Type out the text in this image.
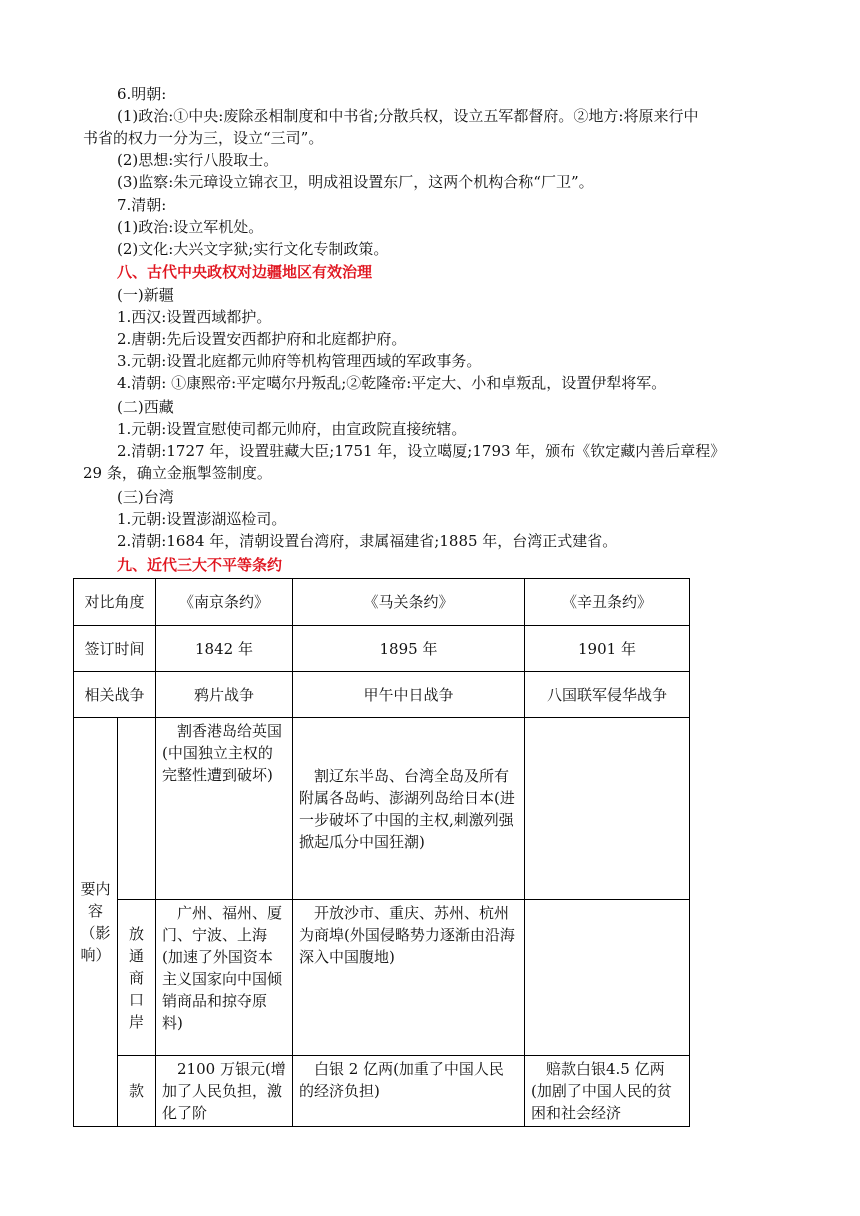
6.明朝:
(1)政治:①中央:废除丞相制度和中书省;分散兵权，设立五军都督府。②地方:将原来行中
书省的权力一分为三，设立“三司”。
(2)思想:实行八股取士。
(3)监察:朱元璋设立锦衣卫，明成祖设置东厂，这两个机构合称“厂卫”。
7.清朝:
(1)政治:设立军机处。
(2)文化:大兴文字狱;实行文化专制政策。
八、古代中央政权对边疆地区有效治理
(一)新疆
1.西汉:设置西域都护。
2.唐朝:先后设置安西都护府和北庭都护府。
3.元朝:设置北庭都元帅府等机构管理西域的军政事务。
4.清朝: ①康熙帝:平定噶尔丹叛乱;②乾隆帝:平定大、小和卓叛乱，设置伊犁将军。
(二)西藏
1.元朝:设置宣慰使司都元帅府，由宣政院直接统辖。
2.清朝:1727 年，设置驻藏大臣;1751 年，设立噶厦;1793 年，颁布《钦定藏内善后章程》
29 条，确立金瓶掣签制度。
(三)台湾
1.元朝:设置澎湖巡检司。
2.清朝:1684 年，清朝设置台湾府，隶属福建省;1885 年，台湾正式建省。
九、近代三大不平等条约
对比角度		《南京条约》	《马关条约》	《辛丑条约》
签订时间		1842 年	1895 年	1901 年
相关战争		鸦片战争	甲午中日战争	八国联军侵华战争
要内容（影响）		割香港岛给英国(中国独立主权的完整性遭到破坏)	割辽东半岛、台湾全岛及所有附属各岛屿、澎湖列岛给日本(进一步破坏了中国的主权,刺激列强掀起瓜分中国狂潮)	
	放通商口岸	广州、福州、厦门、宁波、上海(加速了外国资本主义国家向中国倾销商品和掠夺原料)	开放沙市、重庆、苏州、杭州为商埠(外国侵略势力逐渐由沿海深入中国腹地)	
	款	2100 万银元(增加了人民负担，激化了阶	白银 2 亿两(加重了中国人民的经济负担)	赔款白银4.5 亿两(加剧了中国人民的贫困和社会经济
